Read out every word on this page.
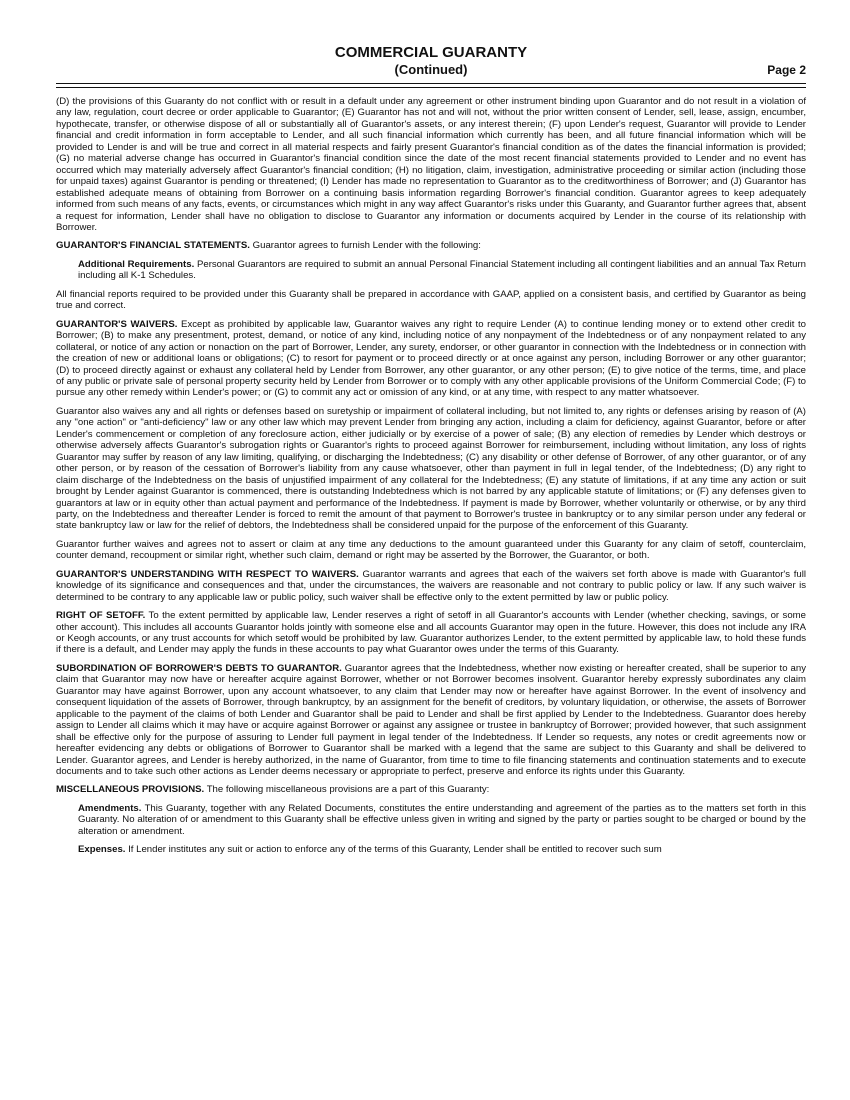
COMMERCIAL GUARANTY
(Continued)	Page 2

(D) the provisions of this Guaranty do not conflict with or result in a default under any agreement or other instrument binding upon Guarantor and do not result in a violation of any law, regulation, court decree or order applicable to Guarantor; (E) Guarantor has not and will not, without the prior written consent of Lender, sell, lease, assign, encumber, hypothecate, transfer, or otherwise dispose of all or substantially all of Guarantor's assets, or any interest therein; (F) upon Lender's request, Guarantor will provide to Lender financial and credit information in form acceptable to Lender, and all such financial information which currently has been, and all future financial information which will be provided to Lender is and will be true and correct in all material respects and fairly present Guarantor's financial condition as of the dates the financial information is provided; (G) no material adverse change has occurred in Guarantor's financial condition since the date of the most recent financial statements provided to Lender and no event has occurred which may materially adversely affect Guarantor's financial condition; (H) no litigation, claim, investigation, administrative proceeding or similar action (including those for unpaid taxes) against Guarantor is pending or threatened; (I) Lender has made no representation to Guarantor as to the creditworthiness of Borrower; and (J) Guarantor has established adequate means of obtaining from Borrower on a continuing basis information regarding Borrower's financial condition. Guarantor agrees to keep adequately informed from such means of any facts, events, or circumstances which might in any way affect Guarantor's risks under this Guaranty, and Guarantor further agrees that, absent a request for information, Lender shall have no obligation to disclose to Guarantor any information or documents acquired by Lender in the course of its relationship with Borrower.

GUARANTOR'S FINANCIAL STATEMENTS. Guarantor agrees to furnish Lender with the following:

Additional Requirements. Personal Guarantors are required to submit an annual Personal Financial Statement including all contingent liabilities and an annual Tax Return including all K-1 Schedules.

All financial reports required to be provided under this Guaranty shall be prepared in accordance with GAAP, applied on a consistent basis, and certified by Guarantor as being true and correct.

GUARANTOR'S WAIVERS. Except as prohibited by applicable law, Guarantor waives any right to require Lender (A) to continue lending money or to extend other credit to Borrower; (B) to make any presentment, protest, demand, or notice of any kind, including notice of any nonpayment of the Indebtedness or of any nonpayment related to any collateral, or notice of any action or nonaction on the part of Borrower, Lender, any surety, endorser, or other guarantor in connection with the Indebtedness or in connection with the creation of new or additional loans or obligations; (C) to resort for payment or to proceed directly or at once against any person, including Borrower or any other guarantor; (D) to proceed directly against or exhaust any collateral held by Lender from Borrower, any other guarantor, or any other person; (E) to give notice of the terms, time, and place of any public or private sale of personal property security held by Lender from Borrower or to comply with any other applicable provisions of the Uniform Commercial Code; (F) to pursue any other remedy within Lender's power; or (G) to commit any act or omission of any kind, or at any time, with respect to any matter whatsoever.

Guarantor also waives any and all rights or defenses based on suretyship or impairment of collateral including, but not limited to, any rights or defenses arising by reason of (A) any "one action" or "anti-deficiency" law or any other law which may prevent Lender from bringing any action, including a claim for deficiency, against Guarantor, before or after Lender's commencement or completion of any foreclosure action, either judicially or by exercise of a power of sale; (B) any election of remedies by Lender which destroys or otherwise adversely affects Guarantor's subrogation rights or Guarantor's rights to proceed against Borrower for reimbursement, including without limitation, any loss of rights Guarantor may suffer by reason of any law limiting, qualifying, or discharging the Indebtedness; (C) any disability or other defense of Borrower, of any other guarantor, or of any other person, or by reason of the cessation of Borrower's liability from any cause whatsoever, other than payment in full in legal tender, of the Indebtedness; (D) any right to claim discharge of the Indebtedness on the basis of unjustified impairment of any collateral for the Indebtedness; (E) any statute of limitations, if at any time any action or suit brought by Lender against Guarantor is commenced, there is outstanding Indebtedness which is not barred by any applicable statute of limitations; or (F) any defenses given to guarantors at law or in equity other than actual payment and performance of the Indebtedness. If payment is made by Borrower, whether voluntarily or otherwise, or by any third party, on the Indebtedness and thereafter Lender is forced to remit the amount of that payment to Borrower's trustee in bankruptcy or to any similar person under any federal or state bankruptcy law or law for the relief of debtors, the Indebtedness shall be considered unpaid for the purpose of the enforcement of this Guaranty.

Guarantor further waives and agrees not to assert or claim at any time any deductions to the amount guaranteed under this Guaranty for any claim of setoff, counterclaim, counter demand, recoupment or similar right, whether such claim, demand or right may be asserted by the Borrower, the Guarantor, or both.

GUARANTOR'S UNDERSTANDING WITH RESPECT TO WAIVERS. Guarantor warrants and agrees that each of the waivers set forth above is made with Guarantor's full knowledge of its significance and consequences and that, under the circumstances, the waivers are reasonable and not contrary to public policy or law. If any such waiver is determined to be contrary to any applicable law or public policy, such waiver shall be effective only to the extent permitted by law or public policy.

RIGHT OF SETOFF. To the extent permitted by applicable law, Lender reserves a right of setoff in all Guarantor's accounts with Lender (whether checking, savings, or some other account). This includes all accounts Guarantor holds jointly with someone else and all accounts Guarantor may open in the future. However, this does not include any IRA or Keogh accounts, or any trust accounts for which setoff would be prohibited by law. Guarantor authorizes Lender, to the extent permitted by applicable law, to hold these funds if there is a default, and Lender may apply the funds in these accounts to pay what Guarantor owes under the terms of this Guaranty.

SUBORDINATION OF BORROWER'S DEBTS TO GUARANTOR. Guarantor agrees that the Indebtedness, whether now existing or hereafter created, shall be superior to any claim that Guarantor may now have or hereafter acquire against Borrower, whether or not Borrower becomes insolvent. Guarantor hereby expressly subordinates any claim Guarantor may have against Borrower, upon any account whatsoever, to any claim that Lender may now or hereafter have against Borrower. In the event of insolvency and consequent liquidation of the assets of Borrower, through bankruptcy, by an assignment for the benefit of creditors, by voluntary liquidation, or otherwise, the assets of Borrower applicable to the payment of the claims of both Lender and Guarantor shall be paid to Lender and shall be first applied by Lender to the Indebtedness. Guarantor does hereby assign to Lender all claims which it may have or acquire against Borrower or against any assignee or trustee in bankruptcy of Borrower; provided however, that such assignment shall be effective only for the purpose of assuring to Lender full payment in legal tender of the Indebtedness. If Lender so requests, any notes or credit agreements now or hereafter evidencing any debts or obligations of Borrower to Guarantor shall be marked with a legend that the same are subject to this Guaranty and shall be delivered to Lender. Guarantor agrees, and Lender is hereby authorized, in the name of Guarantor, from time to time to file financing statements and continuation statements and to execute documents and to take such other actions as Lender deems necessary or appropriate to perfect, preserve and enforce its rights under this Guaranty.

MISCELLANEOUS PROVISIONS. The following miscellaneous provisions are a part of this Guaranty:

Amendments. This Guaranty, together with any Related Documents, constitutes the entire understanding and agreement of the parties as to the matters set forth in this Guaranty. No alteration of or amendment to this Guaranty shall be effective unless given in writing and signed by the party or parties sought to be charged or bound by the alteration or amendment.

Expenses. If Lender institutes any suit or action to enforce any of the terms of this Guaranty, Lender shall be entitled to recover such sum
